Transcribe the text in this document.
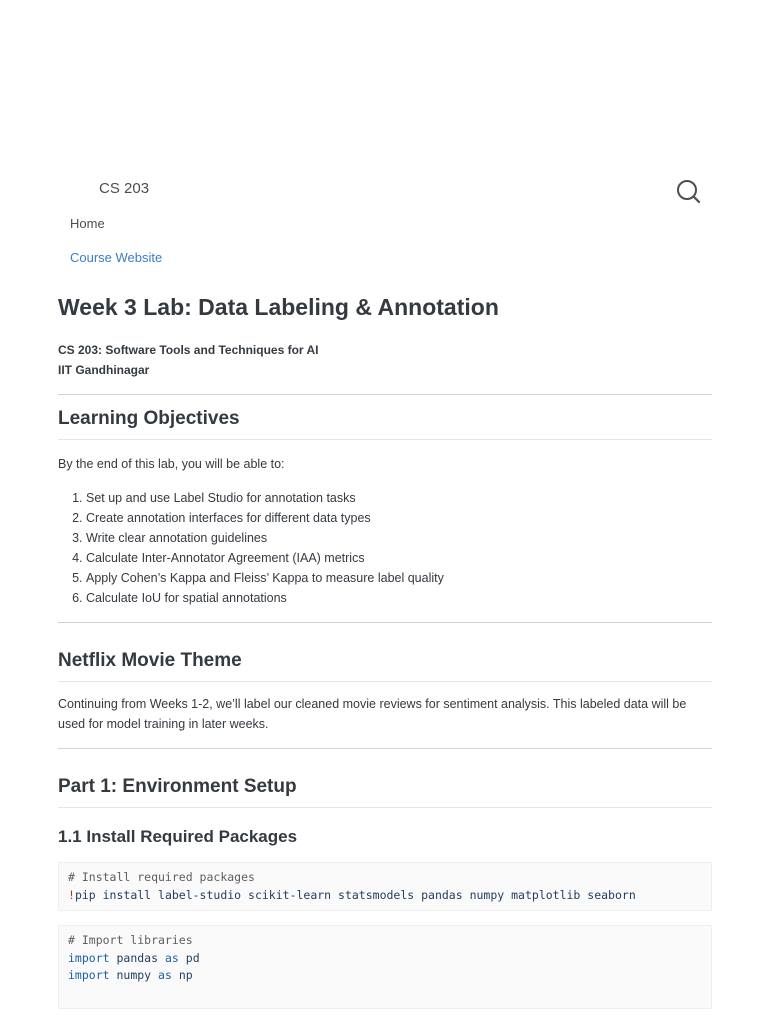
CS 203
Home
Course Website
Week 3 Lab: Data Labeling & Annotation
CS 203: Software Tools and Techniques for AI
IIT Gandhinagar
Learning Objectives

By the end of this lab, you will be able to:

1. Set up and use Label Studio for annotation tasks
2. Create annotation interfaces for different data types
3. Write clear annotation guidelines
4. Calculate Inter-Annotator Agreement (IAA) metrics
5. Apply Cohen’s Kappa and Fleiss’ Kappa to measure label quality
6. Calculate IoU for spatial annotations
Netflix Movie Theme

Continuing from Weeks 1-2, we’ll label our cleaned movie reviews for sentiment analysis. This labeled data will be used for model training in later weeks.

Part 1: Environment Setup
1.1 Install Required Packages
# Install required packages
!pip install label-studio scikit-learn statsmodels pandas numpy matplotlib seaborn
# Import libraries
import pandas as pd
import numpy as np
